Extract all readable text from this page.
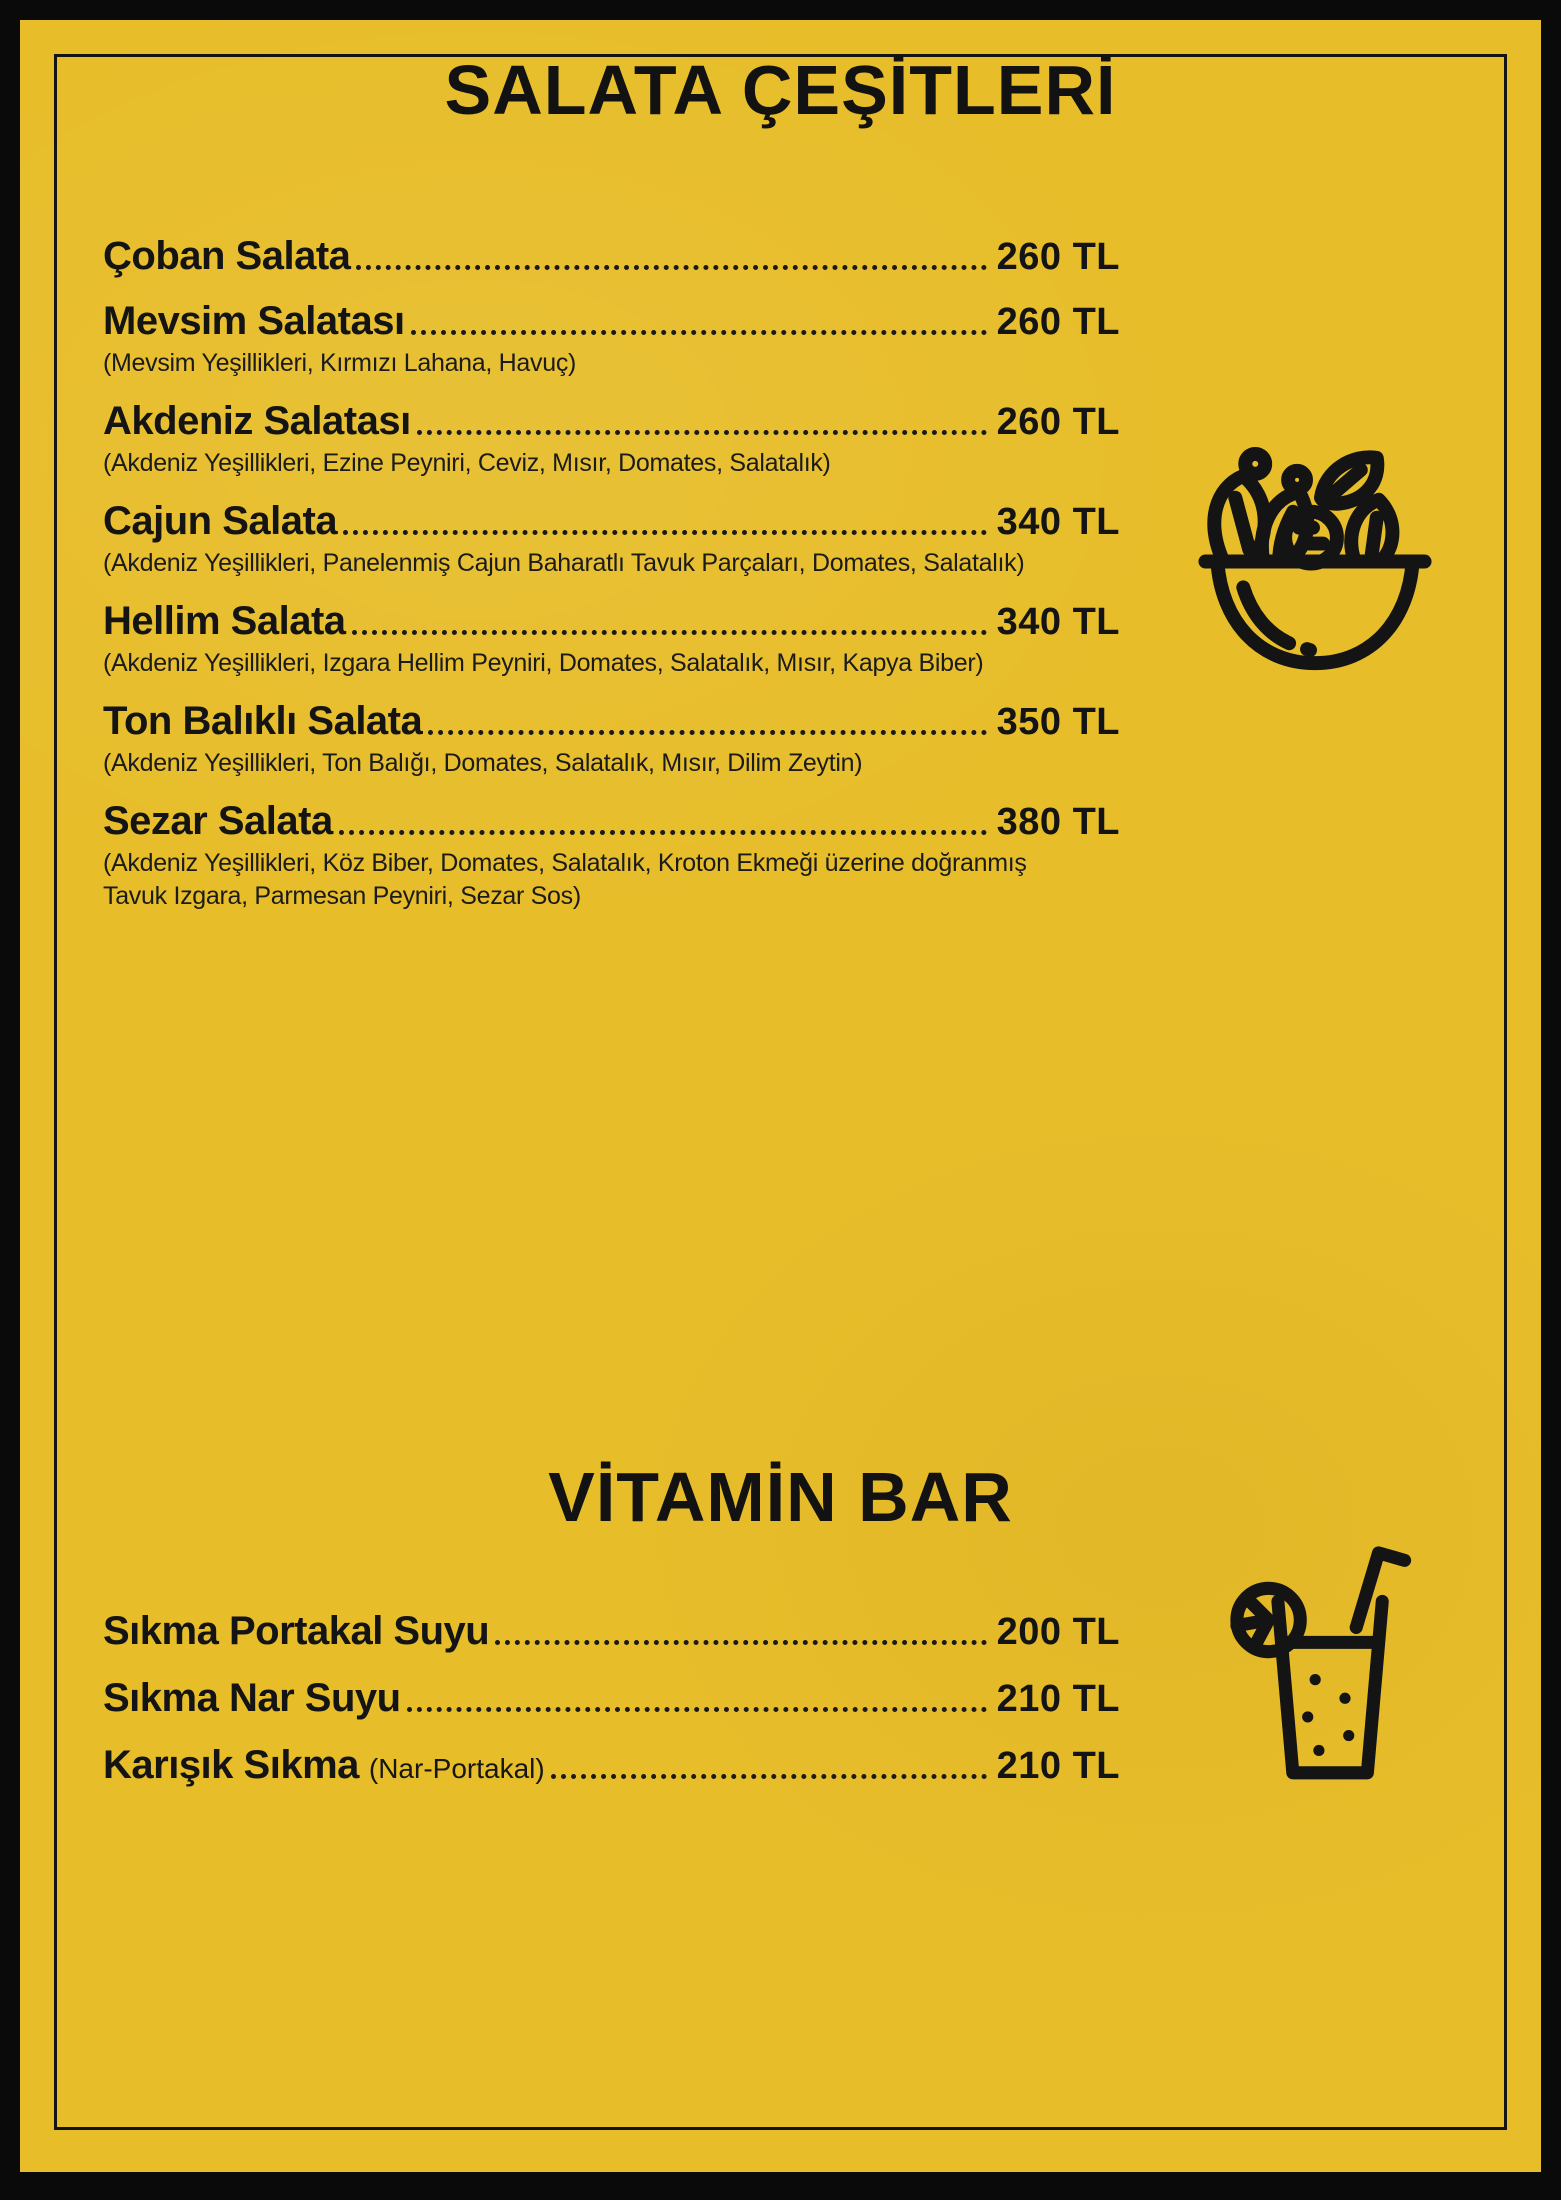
SALATA ÇEŞİTLERİ
Çoban Salata	260 TL
Mevsim Salatası	260 TL
(Mevsim Yeşillikleri, Kırmızı Lahana, Havuç)
Akdeniz Salatası	260 TL
(Akdeniz Yeşillikleri, Ezine Peyniri, Ceviz, Mısır, Domates, Salatalık)
Cajun Salata	340 TL
(Akdeniz Yeşillikleri, Panelenmiş Cajun Baharatlı Tavuk Parçaları, Domates, Salatalık)
Hellim Salata	340 TL
(Akdeniz Yeşillikleri, Izgara Hellim Peyniri, Domates, Salatalık, Mısır, Kapya Biber)
Ton Balıklı Salata	350 TL
(Akdeniz Yeşillikleri, Ton Balığı, Domates, Salatalık, Mısır, Dilim Zeytin)
Sezar Salata	380 TL
(Akdeniz Yeşillikleri, Köz Biber, Domates, Salatalık, Kroton Ekmeği üzerine doğranmış Tavuk Izgara, Parmesan Peyniri, Sezar Sos)
VİTAMİN BAR
Sıkma Portakal Suyu	200 TL
Sıkma Nar Suyu	210 TL
Karışık Sıkma (Nar-Portakal)	210 TL
